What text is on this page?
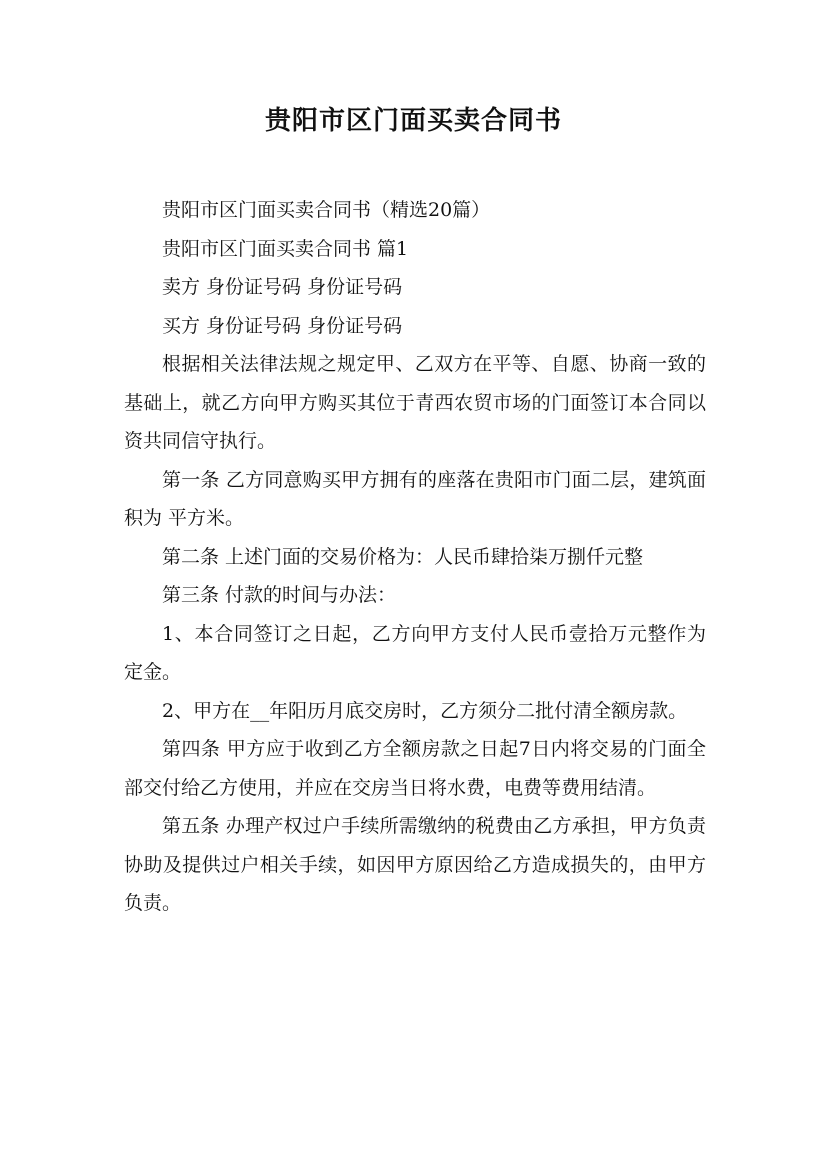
贵阳市区门面买卖合同书

贵阳市区门面买卖合同书（精选20篇）

贵阳市区门面买卖合同书 篇1

卖方 身份证号码 身份证号码

买方 身份证号码 身份证号码

根据相关法律法规之规定甲、乙双方在平等、自愿、协商一致的基础上，就乙方向甲方购买其位于青西农贸市场的门面签订本合同以资共同信守执行。

第一条 乙方同意购买甲方拥有的座落在贵阳市门面二层，建筑面积为 平方米。

第二条 上述门面的交易价格为：人民币肆拾柒万捌仟元整

第三条 付款的时间与办法：

1、本合同签订之日起，乙方向甲方支付人民币壹拾万元整作为定金。

2、甲方在__年阳历月底交房时，乙方须分二批付清全额房款。

第四条 甲方应于收到乙方全额房款之日起7日内将交易的门面全部交付给乙方使用，并应在交房当日将水费，电费等费用结清。

第五条 办理产权过户手续所需缴纳的税费由乙方承担，甲方负责协助及提供过户相关手续，如因甲方原因给乙方造成损失的，由甲方负责。
